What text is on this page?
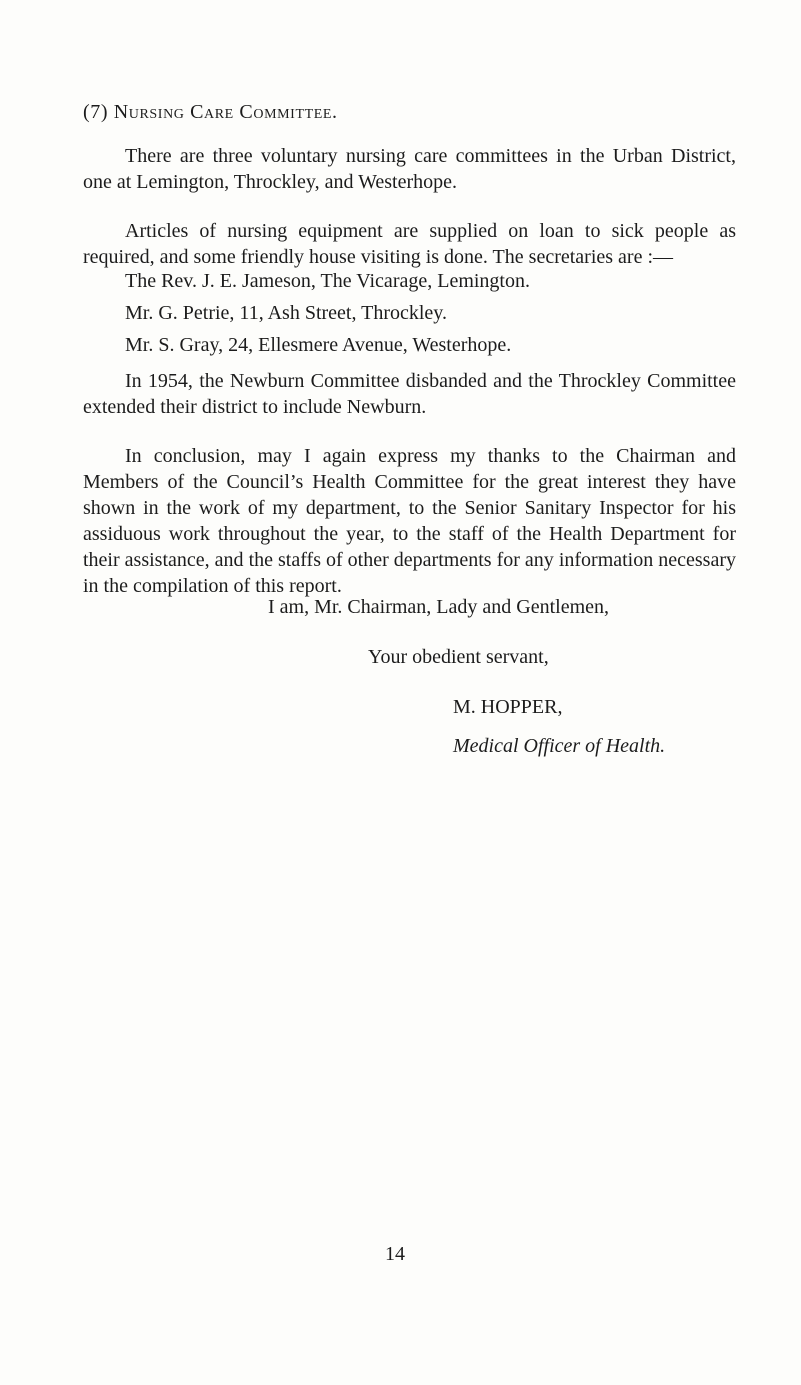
(7) Nursing Care Committee.

There are three voluntary nursing care committees in the Urban District, one at Lemington, Throckley, and Westerhope.

Articles of nursing equipment are supplied on loan to sick people as required, and some friendly house visiting is done. The secretaries are :—

The Rev. J. E. Jameson, The Vicarage, Lemington.

Mr. G. Petrie, 11, Ash Street, Throckley.

Mr. S. Gray, 24, Ellesmere Avenue, Westerhope.

In 1954, the Newburn Committee disbanded and the Throckley Committee extended their district to include Newburn.

In conclusion, may I again express my thanks to the Chairman and Members of the Council’s Health Committee for the great interest they have shown in the work of my department, to the Senior Sanitary Inspector for his assiduous work throughout the year, to the staff of the Health Department for their assistance, and the staffs of other departments for any information necessary in the compilation of this report.

I am, Mr. Chairman, Lady and Gentlemen,

Your obedient servant,

M. HOPPER,

Medical Officer of Health.

14
